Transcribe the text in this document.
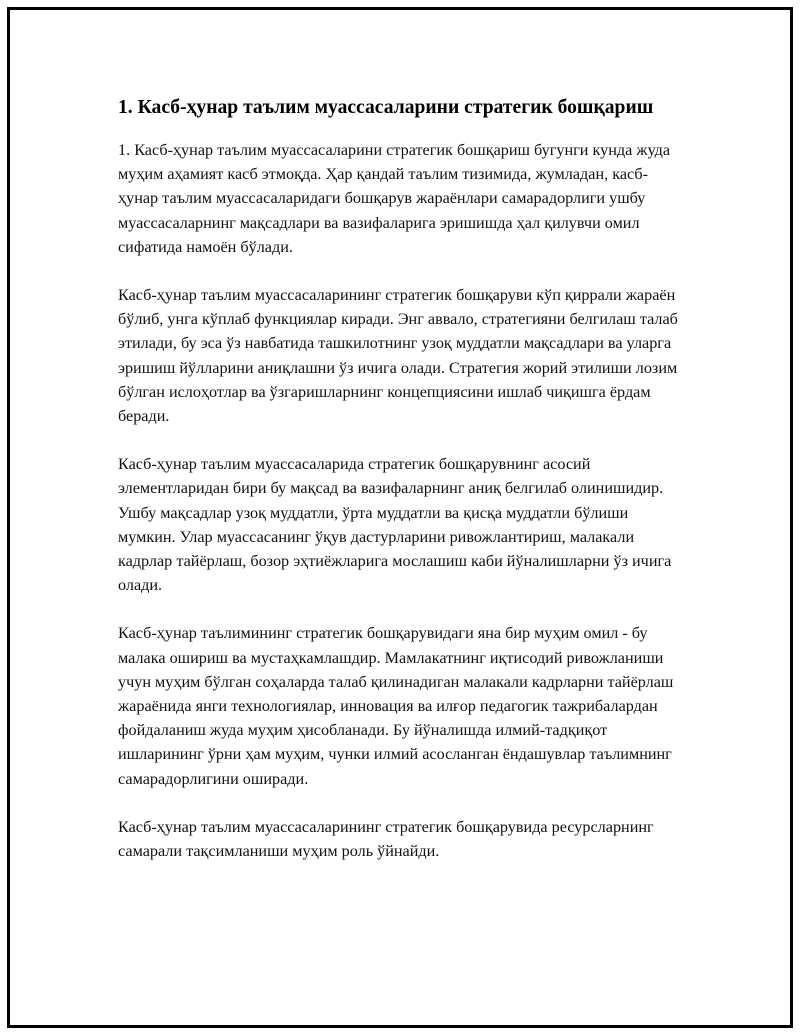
1. Касб-ҳунар таълим муассасаларини стратегик бошқариш

1. Касб-ҳунар таълим муассасаларини стратегик бошқариш бугунги кунда жуда муҳим аҳамият касб этмоқда. Ҳар қандай таълим тизимида, жумладан, касб-ҳунар таълим муассасаларидаги бошқарув жараёнлари самарадорлиги ушбу муассасаларнинг мақсадлари ва вазифаларига эришишда ҳал қилувчи омил сифатида намоён бўлади.

Касб-ҳунар таълим муассасаларининг стратегик бошқаруви кўп қиррали жараён бўлиб, унга кўплаб функциялар киради. Энг аввало, стратегияни белгилаш талаб этилади, бу эса ўз навбатида ташкилотнинг узоқ муддатли мақсадлари ва уларга эришиш йўлларини аниқлашни ўз ичига олади. Стратегия жорий этилиши лозим бўлган ислоҳотлар ва ўзгаришларнинг концепциясини ишлаб чиқишга ёрдам беради.

Касб-ҳунар таълим муассасаларида стратегик бошқарувнинг асосий элементларидан бири бу мақсад ва вазифаларнинг аниқ белгилаб олинишидир. Ушбу мақсадлар узоқ муддатли, ўрта муддатли ва қисқа муддатли бўлиши мумкин. Улар муассасанинг ўқув дастурларини ривожлантириш, малакали кадрлар тайёрлаш, бозор эҳтиёжларига мослашиш каби йўналишларни ўз ичига олади.

Касб-ҳунар таълимининг стратегик бошқарувидаги яна бир муҳим омил - бу малака ошириш ва мустаҳкамлашдир. Мамлакатнинг иқтисодий ривожланиши учун муҳим бўлган соҳаларда талаб қилинадиган малакали кадрларни тайёрлаш жараёнида янги технологиялар, инновация ва илғор педагогик тажрибалардан фойдаланиш жуда муҳим ҳисобланади. Бу йўналишда илмий-тадқиқот ишларининг ўрни ҳам муҳим, чунки илмий асосланган ёндашувлар таълимнинг самарадорлигини оширади.

Касб-ҳунар таълим муассасаларининг стратегик бошқарувида ресурсларнинг самарали тақсимланиши муҳим роль ўйнайди.
